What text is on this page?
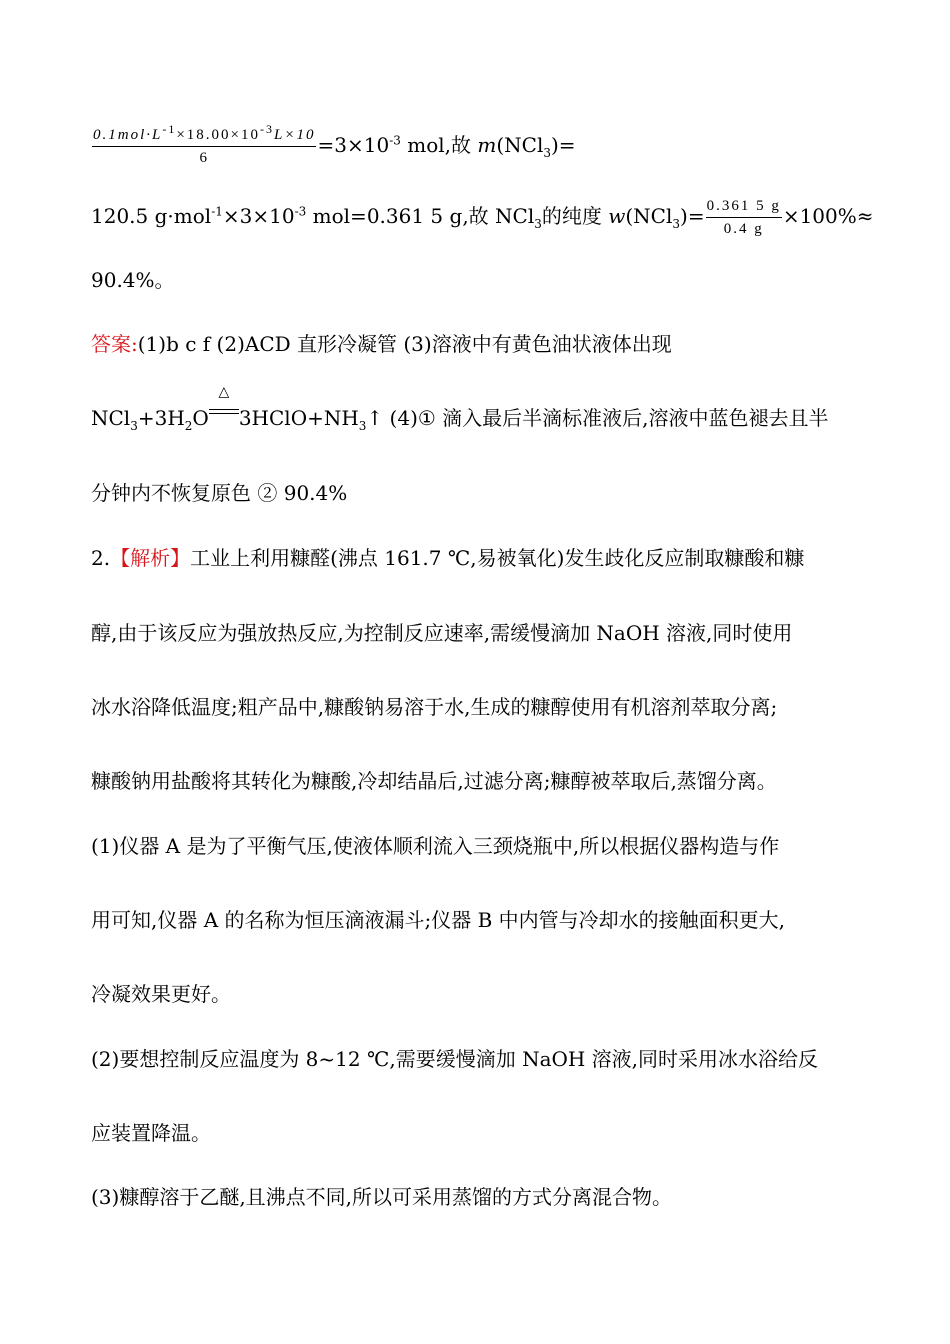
$\frac{0.1mol\cdot L^{-1}\times 18.00\times 10^{-3}L\times 10}{6} =3\times 10^{-3}$ mol,故 m(NCl$_3$)=
120.5 $g\cdot mol^{-1}\times 3\times 10^{-3}$ mol=0.361 5 g,故 NCl$_3$的纯度 $w(NCl_3)= \frac{0.361 5 g}{0.4 g} \times 100\%\approx$
90.4%。
答案:(1)b c f (2)ACD 直形冷凝管 (3)溶液中有黄色油状液体出现
$NCl_3+3H_2O$
△
$3HClO+NH_3↑$ (4)① 滴入最后半滴标准液后,溶液中蓝色褪去且半
分钟内不恢复原色 ② 90.4%
2.【解析】工业上利用糠醛(沸点 161.7 ℃,易被氧化)发生歧化反应制取糠酸和糠
醇,由于该反应为强放热反应,为控制反应速率,需缓慢滴加 NaOH 溶液,同时使用
冰水浴降低温度;粗产品中,糠酸钠易溶于水,生成的糠醇使用有机溶剂萃取分离;
糠酸钠用盐酸将其转化为糠酸,冷却结晶后,过滤分离;糠醇被萃取后,蒸馏分离。
(1)仪器 A 是为了平衡气压,使液体顺利流入三颈烧瓶中,所以根据仪器构造与作
用可知,仪器 A 的名称为恒压滴液漏斗;仪器 B 中内管与冷却水的接触面积更大,
冷凝效果更好。
(2)要想控制反应温度为 8~12 ℃,需要缓慢滴加 NaOH 溶液,同时采用冰水浴给反
应装置降温。
(3)糠醇溶于乙醚,且沸点不同,所以可采用蒸馏的方式分离混合物。
